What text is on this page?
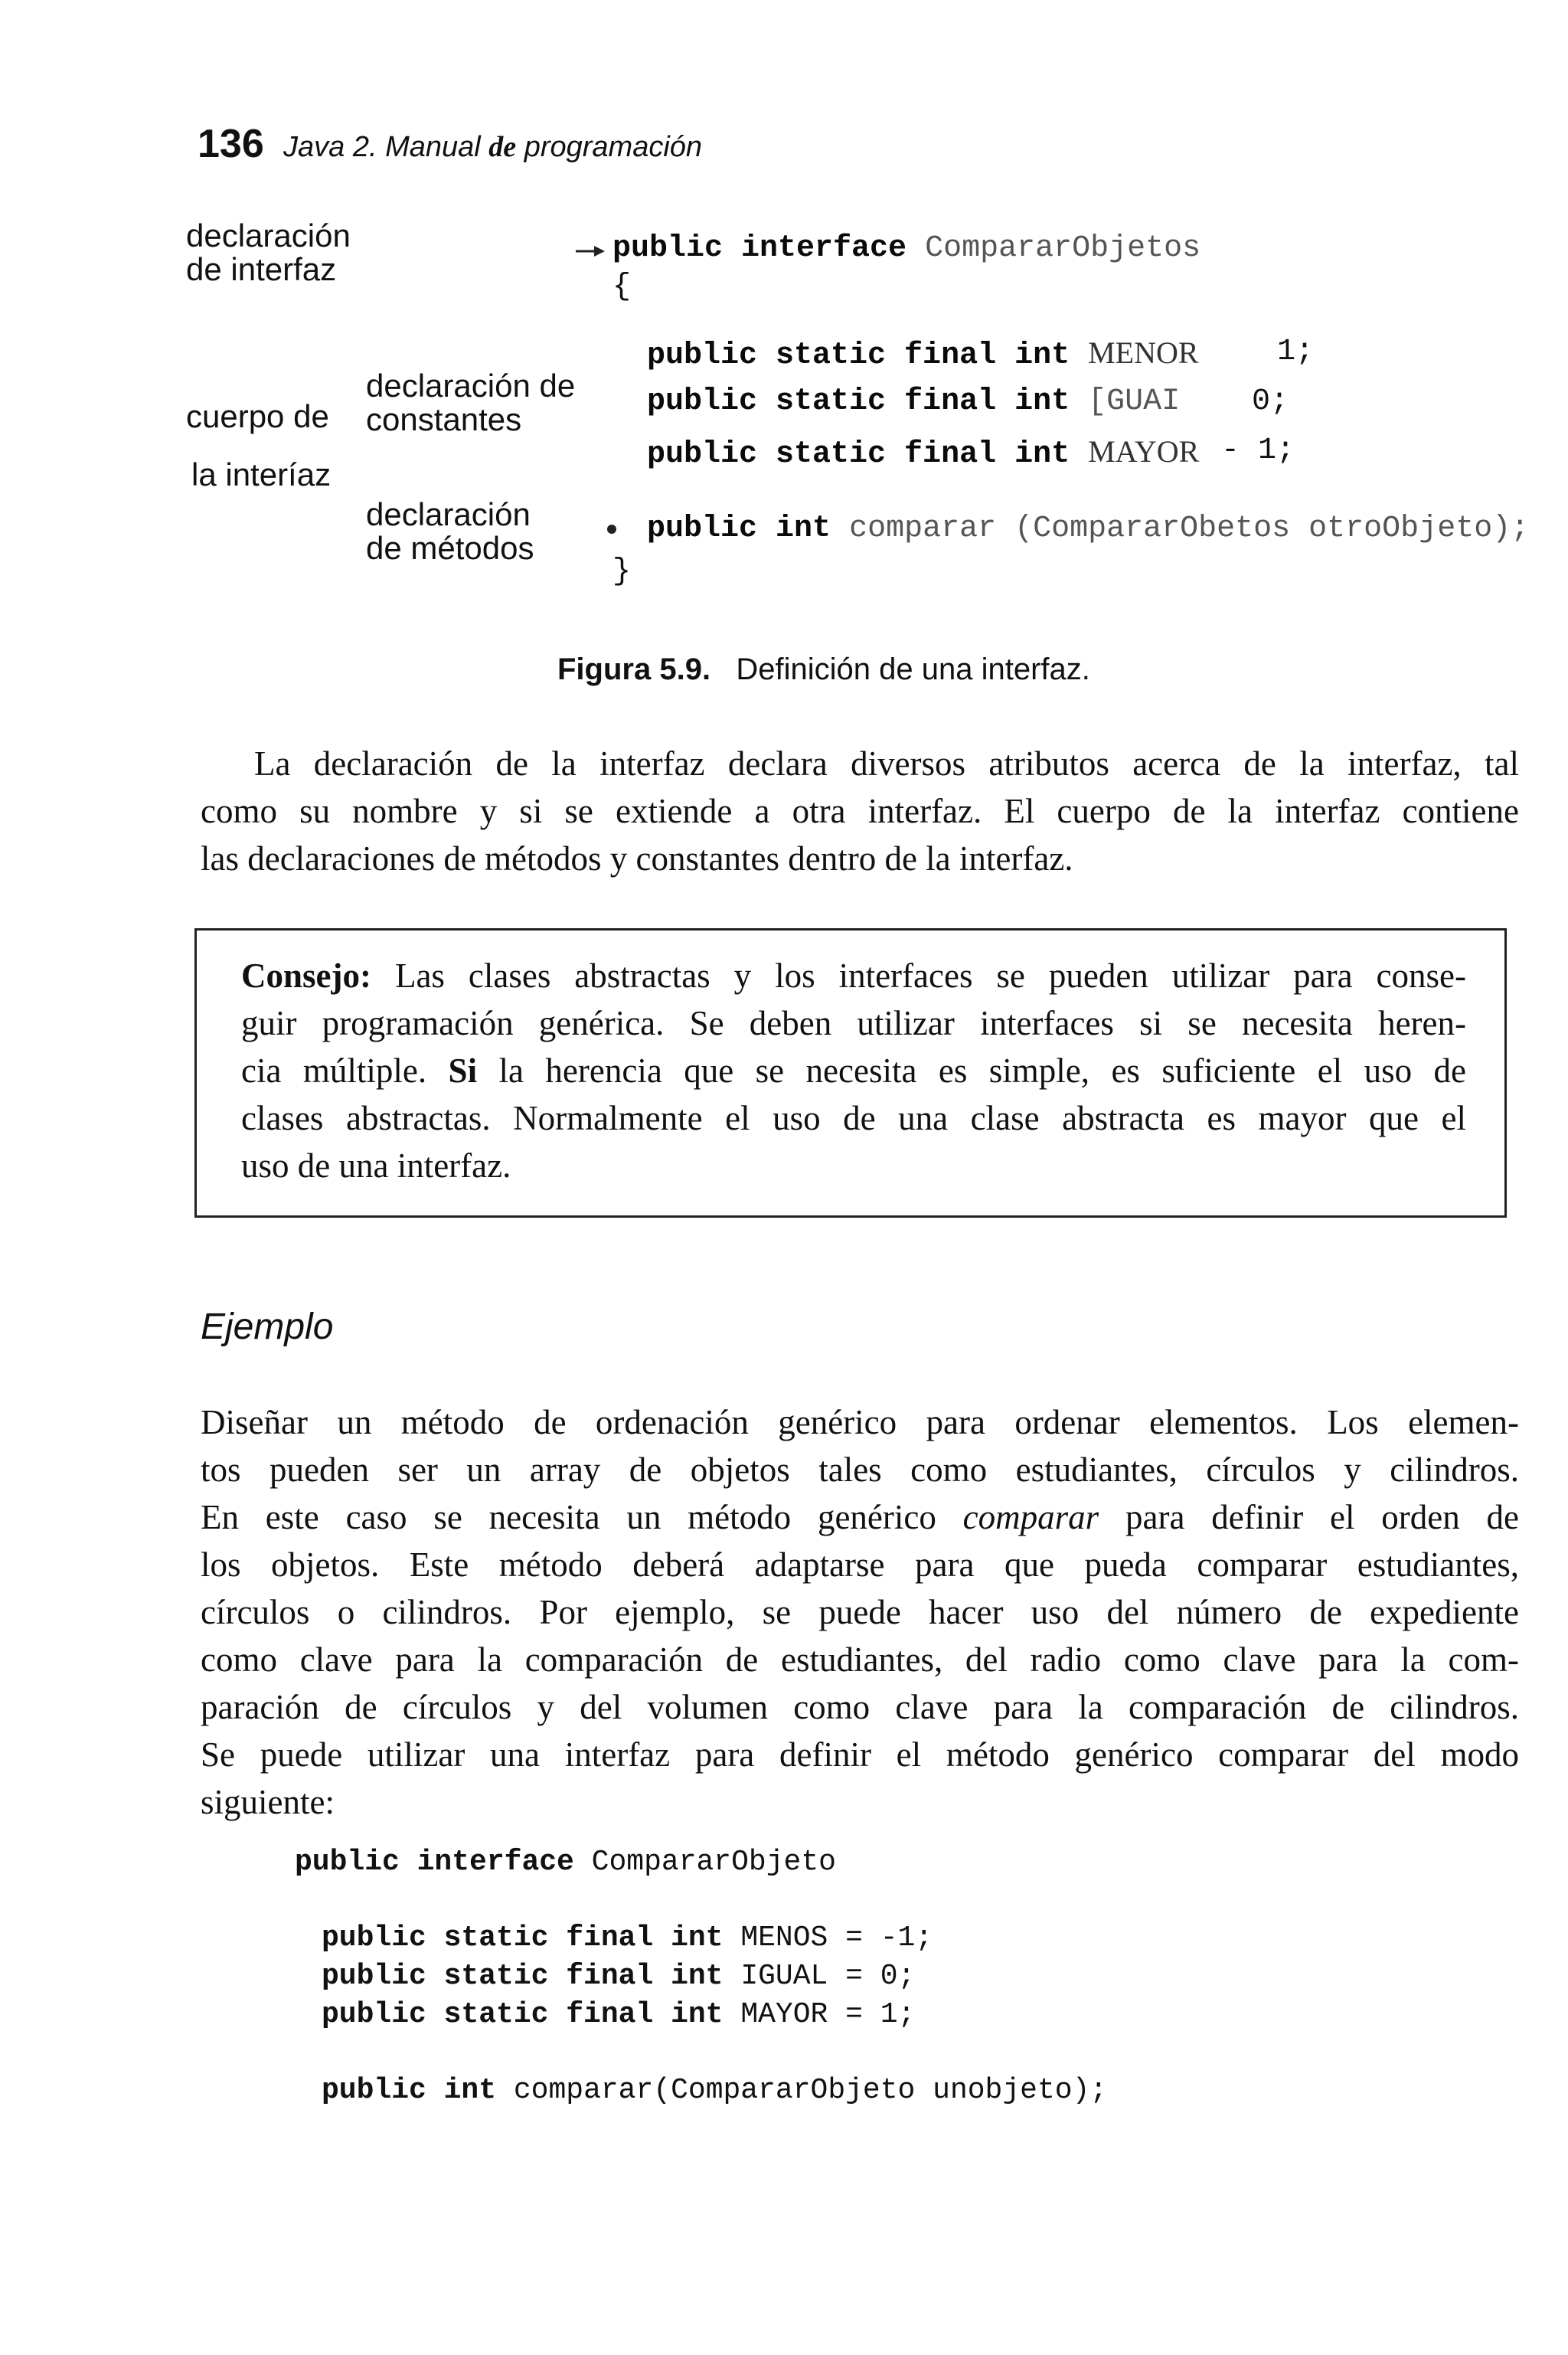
136 Java 2. Manual de programación
declaración
de interfaz
cuerpo de
la interíaz
declaración de
constantes
declaración
de métodos
public interface CompararObjetos
{
public static final int MENOR	1;
public static final int [GUAI 0;
public static final int MAYOR - 1;
public int comparar (CompararObetos otroObjeto);
}
Figura 5.9. Definición de una interfaz.
La declaración de la interfaz declara diversos atributos acerca de la interfaz, tal
como su nombre y si se extiende a otra interfaz. El cuerpo de la interfaz contiene
las declaraciones de métodos y constantes dentro de la interfaz.
Consejo: Las clases abstractas y los interfaces se pueden utilizar para conse-
guir programación genérica. Se deben utilizar interfaces si se necesita heren-
cia múltiple. Si la herencia que se necesita es simple, es suficiente el uso de
clases abstractas. Normalmente el uso de una clase abstracta es mayor que el
uso de una interfaz.
Ejemplo
Diseñar un método de ordenación genérico para ordenar elementos. Los elemen-
tos pueden ser un array de objetos tales como estudiantes, círculos y cilindros.
En este caso se necesita un método genérico comparar para definir el orden de
los objetos. Este método deberá adaptarse para que pueda comparar estudiantes,
círculos o cilindros. Por ejemplo, se puede hacer uso del número de expediente
como clave para la comparación de estudiantes, del radio como clave para la com-
paración de círculos y del volumen como clave para la comparación de cilindros.
Se puede utilizar una interfaz para definir el método genérico comparar del modo
siguiente:
public interface CompararObjeto
public static final int MENOS = -1;
public static final int IGUAL = 0;
public static final int MAYOR = 1;
public int comparar(CompararObjeto unobjeto);
